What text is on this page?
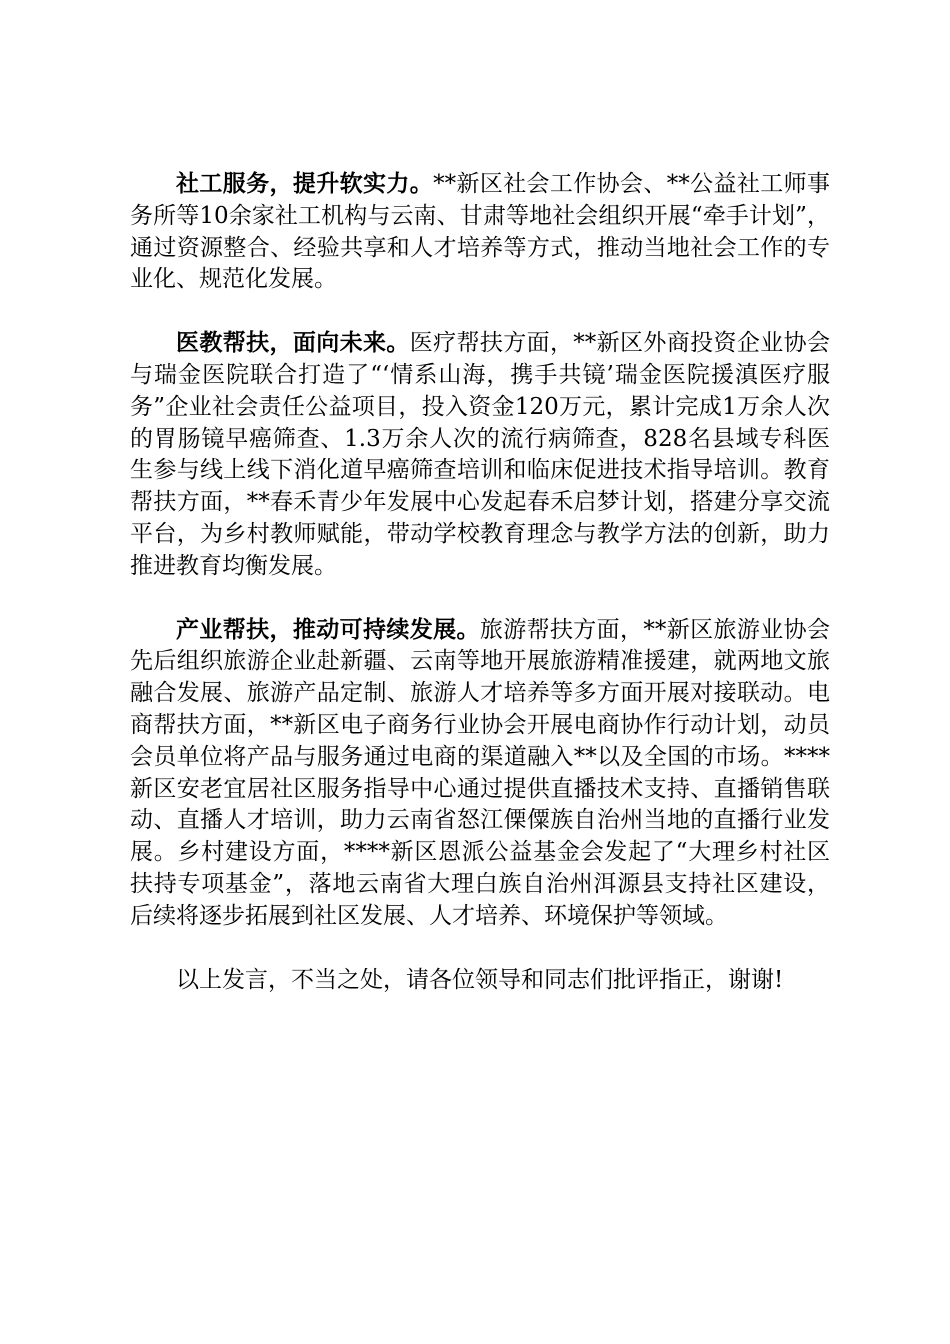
社工服务，提升软实力。**新区社会工作协会、**公益社工师事务所等10余家社工机构与云南、甘肃等地社会组织开展“牵手计划”，通过资源整合、经验共享和人才培养等方式，推动当地社会工作的专业化、规范化发展。

医教帮扶，面向未来。医疗帮扶方面，**新区外商投资企业协会与瑞金医院联合打造了“‘情系山海，携手共镜’瑞金医院援滇医疗服务”企业社会责任公益项目，投入资金120万元，累计完成1万余人次的胃肠镜早癌筛查、1.3万余人次的流行病筛查，828名县域专科医生参与线上线下消化道早癌筛查培训和临床促进技术指导培训。教育帮扶方面，**春禾青少年发展中心发起春禾启梦计划，搭建分享交流平台，为乡村教师赋能，带动学校教育理念与教学方法的创新，助力推进教育均衡发展。

产业帮扶，推动可持续发展。旅游帮扶方面，**新区旅游业协会先后组织旅游企业赴新疆、云南等地开展旅游精准援建，就两地文旅融合发展、旅游产品定制、旅游人才培养等多方面开展对接联动。电商帮扶方面，**新区电子商务行业协会开展电商协作行动计划，动员会员单位将产品与服务通过电商的渠道融入**以及全国的市场。****新区安老宜居社区服务指导中心通过提供直播技术支持、直播销售联动、直播人才培训，助力云南省怒江傈僳族自治州当地的直播行业发展。乡村建设方面，****新区恩派公益基金会发起了“大理乡村社区扶持专项基金”，落地云南省大理白族自治州洱源县支持社区建设，后续将逐步拓展到社区发展、人才培养、环境保护等领域。

以上发言，不当之处，请各位领导和同志们批评指正，谢谢!
